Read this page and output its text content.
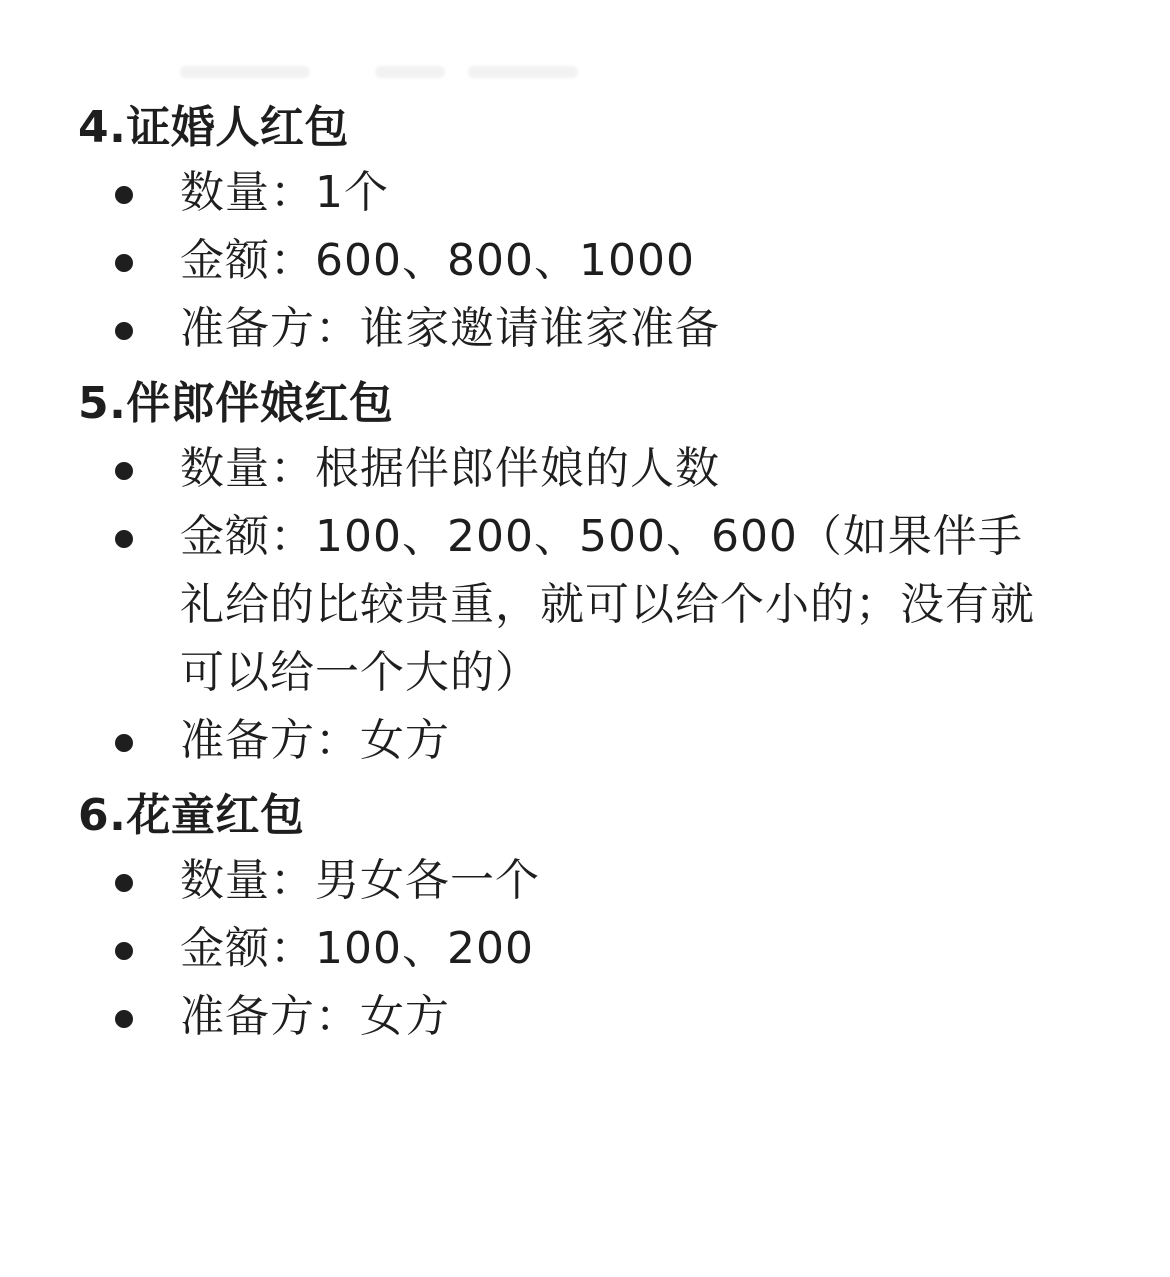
4.证婚人红包
数量：1个
金额：600、800、1000
准备方：谁家邀请谁家准备
5.伴郎伴娘红包
数量：根据伴郎伴娘的人数
金额：100、200、500、600（如果伴手礼给的比较贵重，就可以给个小的；没有就可以给一个大的）
准备方：女方
6.花童红包
数量：男女各一个
金额：100、200
准备方：女方
